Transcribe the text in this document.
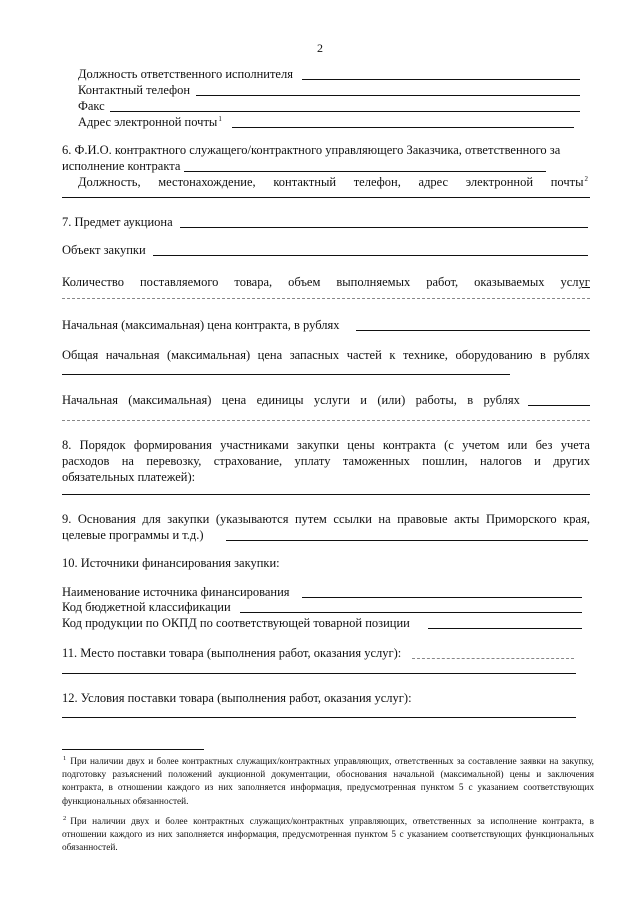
2
Должность ответственного исполнителя
Контактный телефон
Факс
Адрес электронной почты$^1$
6. Ф.И.О. контрактного служащего/контрактного управляющего Заказчика, ответственного за
исполнение контракта
Должность, местонахождение, контактный телефон, адрес электронной почты$^2$
7. Предмет аукциона
Объект закупки
Количество поставляемого товара, объем выполняемых работ, оказываемых услуг
Начальная (максимальная) цена контракта, в рублях
Общая начальная (максимальная) цена запасных частей к технике, оборудованию в рублях
Начальная (максимальная) цена единицы услуги и (или) работы, в рублях
8. Порядок формирования участниками закупки цены контракта (с учетом или без учета
расходов на перевозку, страхование, уплату таможенных пошлин, налогов и других
обязательных платежей):
9. Основания для закупки (указываются путем ссылки на правовые акты Приморского края,
целевые программы и т.д.)
10. Источники финансирования закупки:
Наименование источника финансирования
Код бюджетной классификации
Код продукции по ОКПД по соответствующей товарной позиции
11. Место поставки товара (выполнения работ, оказания услуг):
12. Условия поставки товара (выполнения работ, оказания услуг):
$^1$ При наличии двух и более контрактных служащих/контрактных управляющих, ответственных за составление заявки на закупку, подготовку разъяснений положений аукционной документации, обоснования начальной (максимальной) цены и заключения контракта, в отношении каждого из них заполняется информация, предусмотренная пунктом 5 с указанием соответствующих функциональных обязанностей.
$^2$ При наличии двух и более контрактных служащих/контрактных управляющих, ответственных за исполнение контракта, в отношении каждого из них заполняется информация, предусмотренная пунктом 5 с указанием соответствующих функциональных обязанностей.
